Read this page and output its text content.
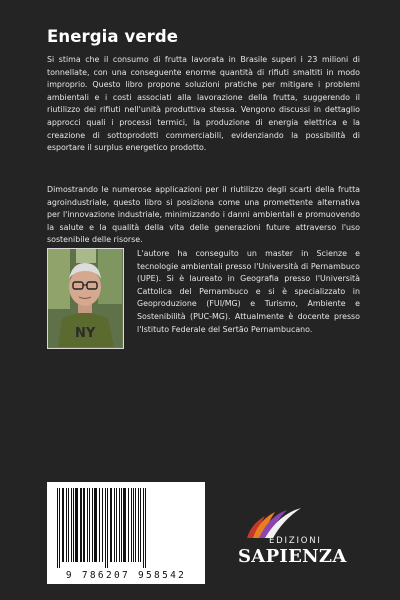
Energia verde

Si stima che il consumo di frutta lavorata in Brasile superi i 23 milioni di tonnellate, con una conseguente enorme quantità di rifiuti smaltiti in modo improprio. Questo libro propone soluzioni pratiche per mitigare i problemi ambientali e i costi associati alla lavorazione della frutta, suggerendo il riutilizzo dei rifiuti nell'unità produttiva stessa. Vengono discussi in dettaglio approcci quali i processi termici, la produzione di energia elettrica e la creazione di sottoprodotti commerciabili, evidenziando la possibilità di esportare il surplus energetico prodotto.

Dimostrando le numerose applicazioni per il riutilizzo degli scarti della frutta agroindustriale, questo libro si posiziona come una promettente alternativa per l'innovazione industriale, minimizzando i danni ambientali e promuovendo la salute e la qualità della vita delle generazioni future attraverso l'uso sostenibile delle risorse.

NY

L'autore ha conseguito un master in Scienze e tecnologie ambientali presso l'Università di Pernambuco (UPE). Si è laureato in Geografia presso l'Università Cattolica del Pernambuco e si è specializzato in Geoproduzione (FUI/MG) e Turismo, Ambiente e Sostenibilità (PUC-MG). Attualmente è docente presso l'Istituto Federale del Sertão Pernambucano.

9 786207 958542
EDIZIONI
SAPIENZA
